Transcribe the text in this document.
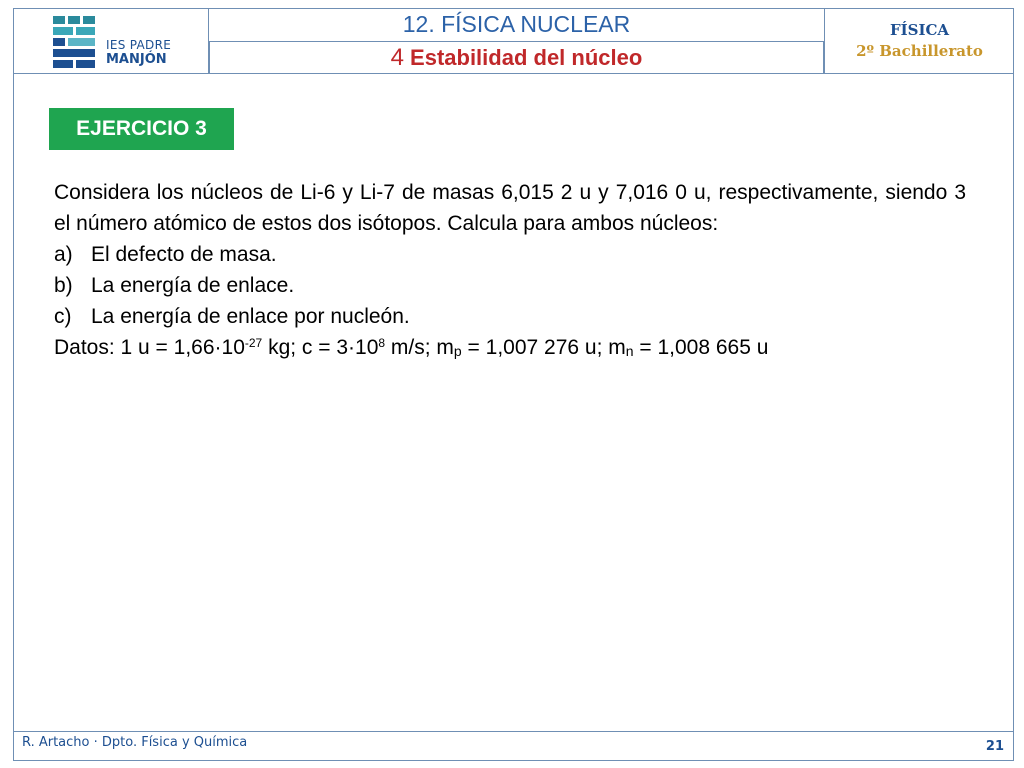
IES PADRE
MANJÓN
12. FÍSICA NUCLEAR
4 Estabilidad del núcleo
FÍSICA
2º Bachillerato
EJERCICIO 3

Considera los núcleos de Li-6 y Li-7 de masas 6,015 2 u y 7,016 0 u, respectivamente, siendo 3 el número atómico de estos dos isótopos. Calcula para ambos núcleos:

a) El defecto de masa.
b) La energía de enlace.
c) La energía de enlace por nucleón.
Datos: 1 $u = 1,66\cdot 10^{-27}$ kg; $c = 3\cdot 10^8$ m/s; $m_p = 1,007$ 276 u; $m_n = 1,008$ 665 u
R. Artacho · Dpto. Física y Química	21
